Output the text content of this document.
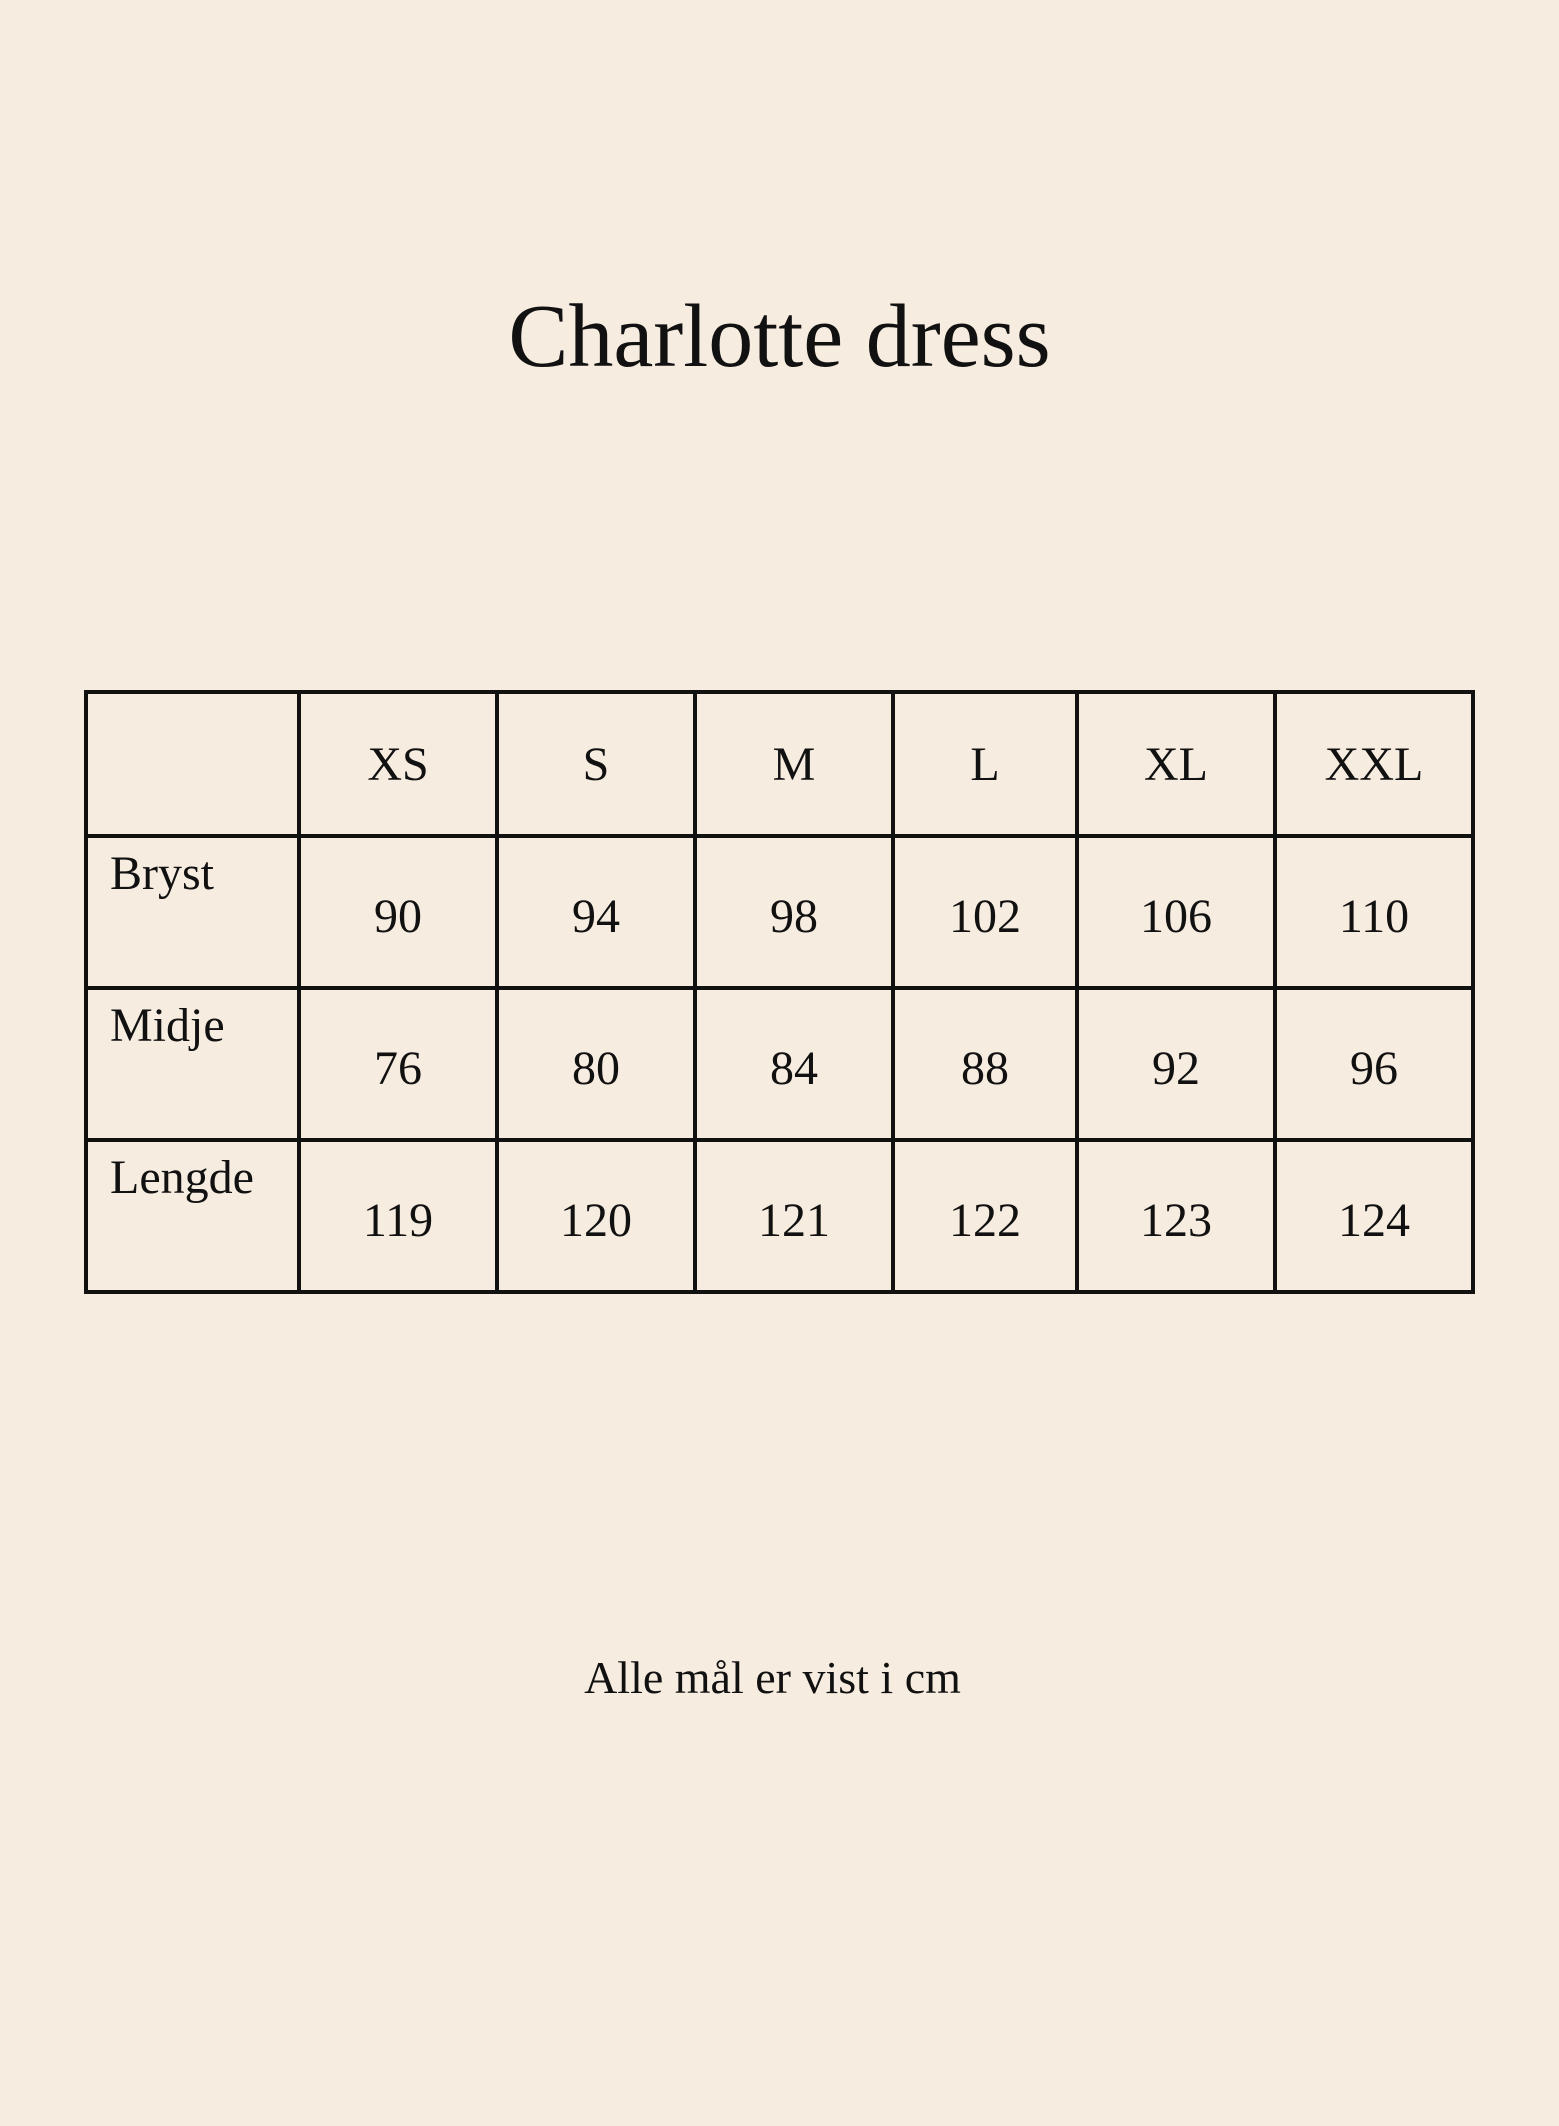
Charlotte dress
	XS	S	M	L	XL	XXL
Bryst	90	94	98	102	106	110
Midje	76	80	84	88	92	96
Lengde	119	120	121	122	123	124

Alle mål er vist i cm
